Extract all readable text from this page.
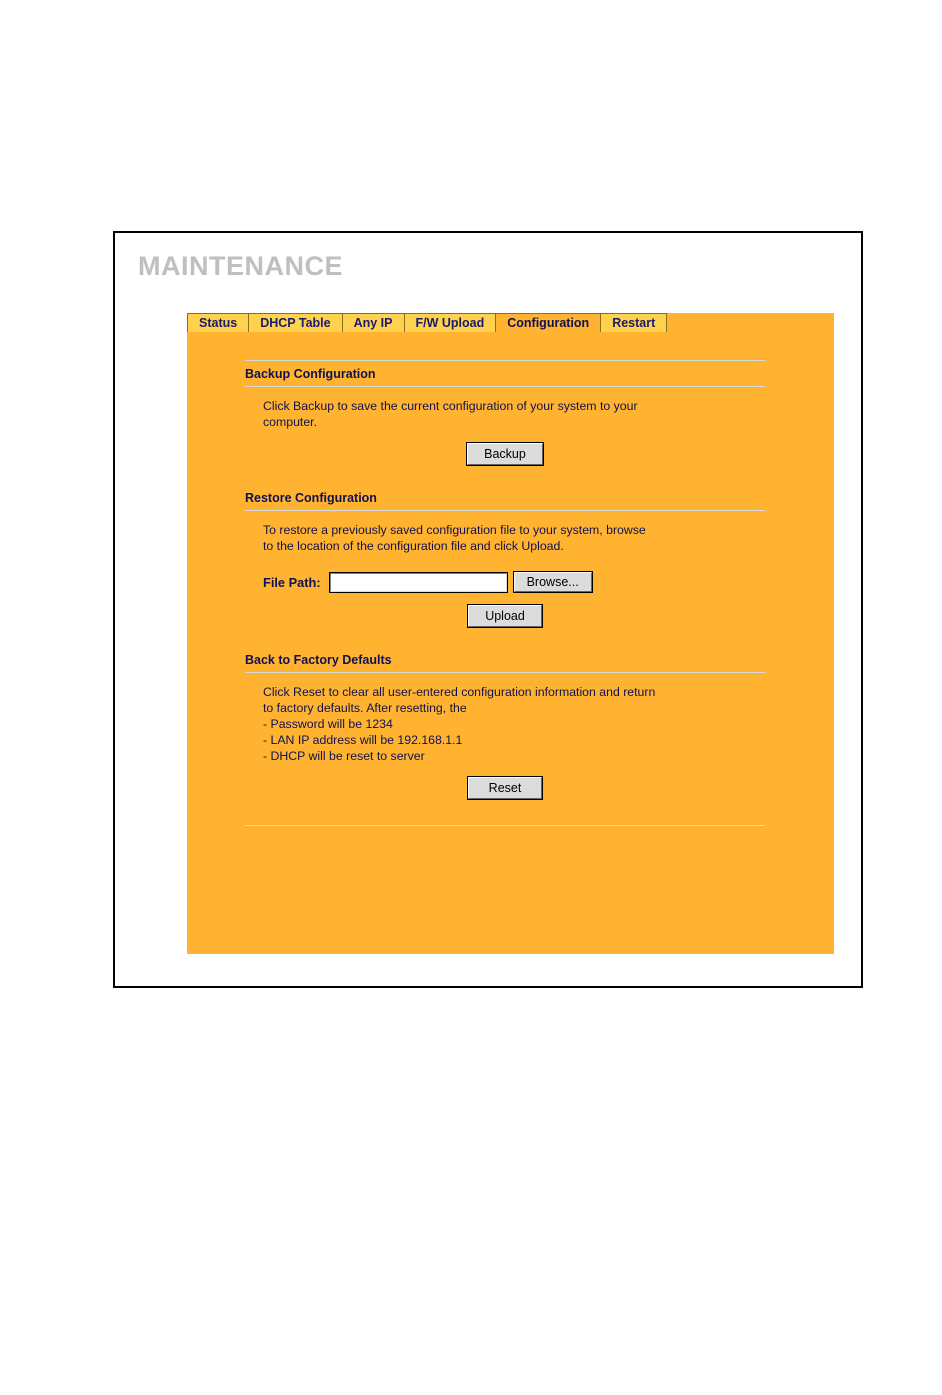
MAINTENANCE
Status DHCP Table Any IP F/W Upload Configuration Restart
Backup Configuration
Click Backup to save the current configuration of your system to your
computer.
Backup
Restore Configuration
To restore a previously saved configuration file to your system, browse
to the location of the configuration file and click Upload.
File Path:	Browse...
Upload
Back to Factory Defaults
Click Reset to clear all user-entered configuration information and return
to factory defaults. After resetting, the
- Password will be 1234
- LAN IP address will be 192.168.1.1
- DHCP will be reset to server
Reset
